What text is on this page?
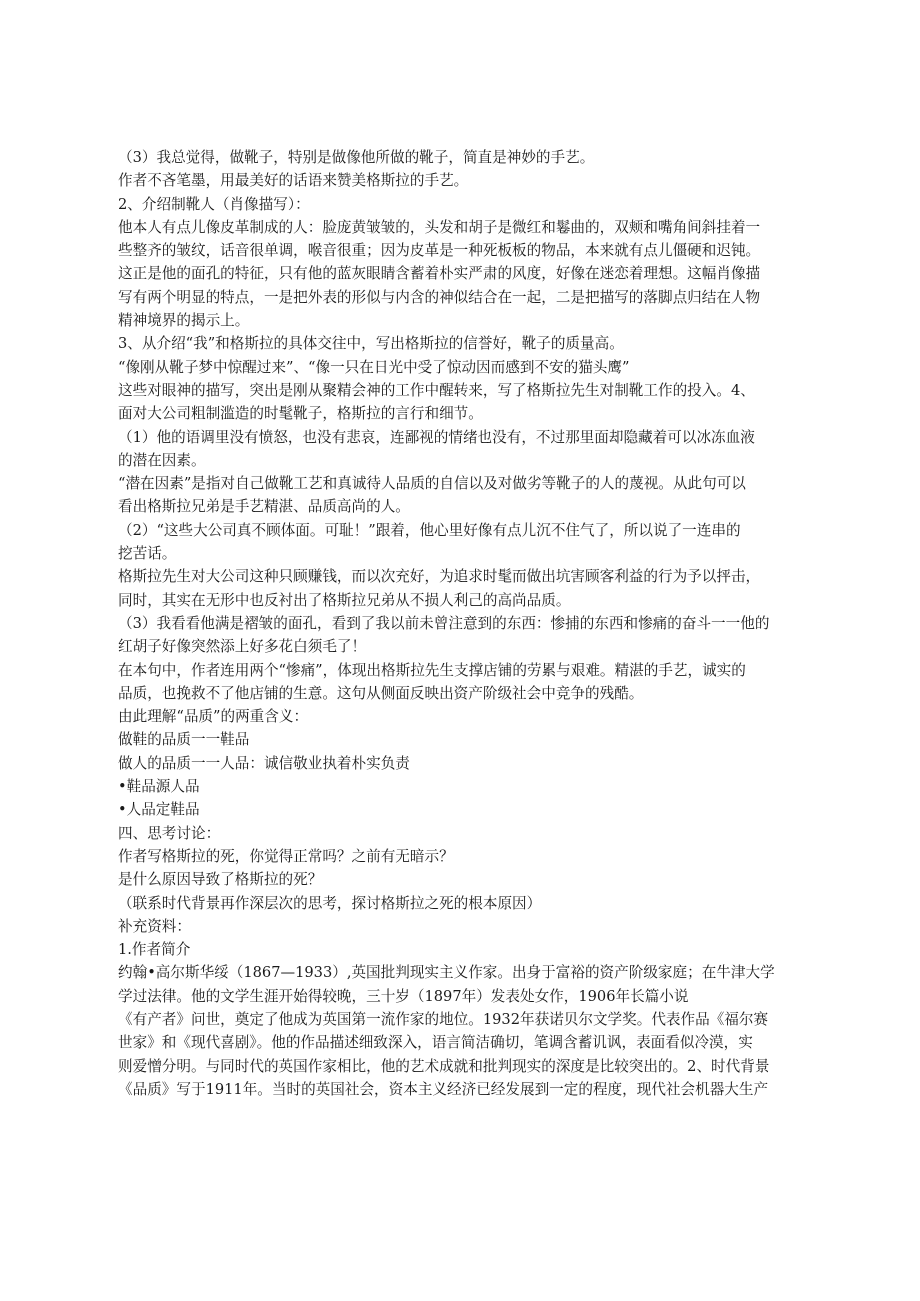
（3）我总觉得，做靴子，特别是做像他所做的靴子，简直是神妙的手艺。
作者不吝笔墨，用最美好的话语来赞美格斯拉的手艺。
2、介绍制靴人（肖像描写）：
他本人有点儿像皮革制成的人：脸庞黄皱皱的，头发和胡子是微红和鬈曲的，双颊和嘴角间斜挂着一
些整齐的皱纹，话音很单调，喉音很重；因为皮革是一种死板板的物品，本来就有点儿僵硬和迟钝。
这正是他的面孔的特征，只有他的蓝灰眼睛含蓄着朴实严肃的风度，好像在迷恋着理想。这幅肖像描
写有两个明显的特点，一是把外表的形似与内含的神似结合在一起，二是把描写的落脚点归结在人物
精神境界的揭示上。
3、从介绍“我”和格斯拉的具体交往中，写出格斯拉的信誉好，靴子的质量高。
“像刚从靴子梦中惊醒过来”、“像一只在日光中受了惊动因而感到不安的猫头鹰”
这些对眼神的描写，突出是刚从聚精会神的工作中醒转来，写了格斯拉先生对制靴工作的投入。4、
面对大公司粗制滥造的时髦靴子，格斯拉的言行和细节。
（1）他的语调里没有愤怒，也没有悲哀，连鄙视的情绪也没有，不过那里面却隐藏着可以冰冻血液
的潜在因素。
“潜在因素”是指对自己做靴工艺和真诚待人品质的自信以及对做劣等靴子的人的蔑视。从此句可以
看出格斯拉兄弟是手艺精湛、品质高尚的人。
（2）“这些大公司真不顾体面。可耻！”跟着，他心里好像有点儿沉不住气了，所以说了一连串的
挖苦话。
格斯拉先生对大公司这种只顾赚钱，而以次充好，为追求时髦而做出坑害顾客利益的行为予以抨击，
同时，其实在无形中也反衬出了格斯拉兄弟从不损人利己的高尚品质。
（3）我看看他满是褶皱的面孔，看到了我以前未曾注意到的东西：惨捕的东西和惨痛的奋斗一一他的
红胡子好像突然添上好多花白须毛了！
在本句中，作者连用两个“惨痛”，体现出格斯拉先生支撑店铺的劳累与艰难。精湛的手艺，诚实的
品质，也挽救不了他店铺的生意。这句从侧面反映出资产阶级社会中竞争的残酷。
由此理解“品质”的两重含义：
做鞋的品质一一鞋品
做人的品质一一人品：诚信敬业执着朴实负责
•鞋品源人品
•人品定鞋品
四、思考讨论：
作者写格斯拉的死，你觉得正常吗？之前有无暗示？
是什么原因导致了格斯拉的死？
（联系时代背景再作深层次的思考，探讨格斯拉之死的根本原因）
补充资料：
1.作者简介
约翰•高尔斯华绥（1867—1933）,英国批判现实主义作家。出身于富裕的资产阶级家庭；在牛津大学
学过法律。他的文学生涯开始得较晚，三十岁（1897年）发表处女作，1906年长篇小说
《有产者》问世，奠定了他成为英国第一流作家的地位。1932年获诺贝尔文学奖。代表作品《福尔赛
世家》和《现代喜剧》。他的作品描述细致深入，语言简洁确切，笔调含蓄讥讽，表面看似冷漠，实
则爱憎分明。与同时代的英国作家相比，他的艺术成就和批判现实的深度是比较突出的。2、时代背景
《品质》写于1911年。当时的英国社会，资本主义经济已经发展到一定的程度，现代社会机器大生产
